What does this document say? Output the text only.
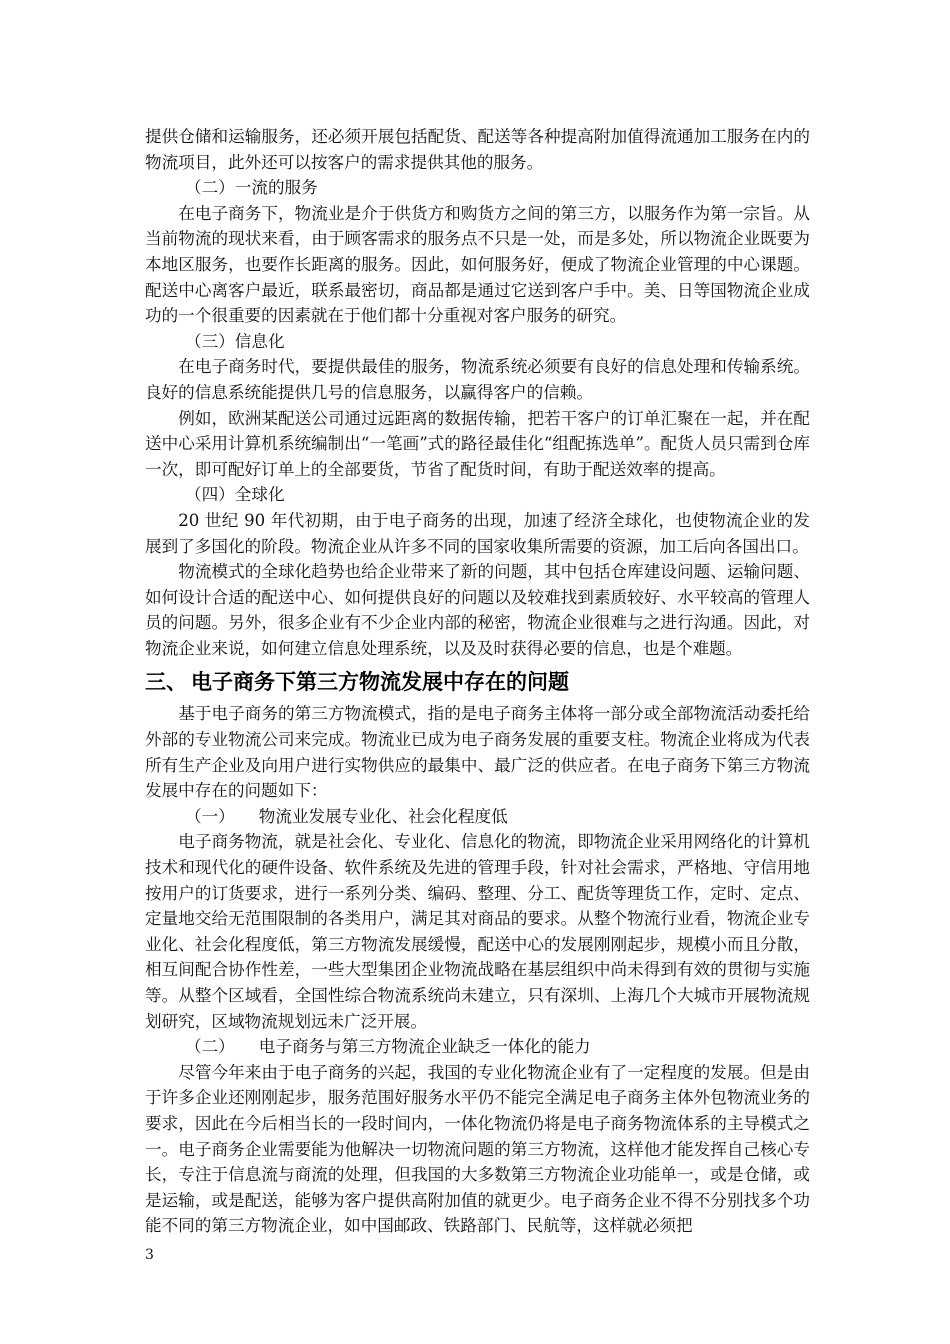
提供仓储和运输服务，还必须开展包括配货、配送等各种提高附加值得流通加工服务在内的物流项目，此外还可以按客户的需求提供其他的服务。

（二）一流的服务

在电子商务下，物流业是介于供货方和购货方之间的第三方，以服务作为第一宗旨。从当前物流的现状来看，由于顾客需求的服务点不只是一处，而是多处，所以物流企业既要为本地区服务，也要作长距离的服务。因此，如何服务好，便成了物流企业管理的中心课题。配送中心离客户最近，联系最密切，商品都是通过它送到客户手中。美、日等国物流企业成功的一个很重要的因素就在于他们都十分重视对客户服务的研究。

（三）信息化

在电子商务时代，要提供最佳的服务，物流系统必须要有良好的信息处理和传输系统。良好的信息系统能提供几号的信息服务，以赢得客户的信赖。

例如，欧洲某配送公司通过远距离的数据传输，把若干客户的订单汇聚在一起，并在配送中心采用计算机系统编制出“一笔画”式的路径最佳化“组配拣选单”。配货人员只需到仓库一次，即可配好订单上的全部要货，节省了配货时间，有助于配送效率的提高。

（四）全球化

20 世纪 90 年代初期，由于电子商务的出现，加速了经济全球化，也使物流企业的发展到了多国化的阶段。物流企业从许多不同的国家收集所需要的资源，加工后向各国出口。

物流模式的全球化趋势也给企业带来了新的问题，其中包括仓库建设问题、运输问题、如何设计合适的配送中心、如何提供良好的问题以及较难找到素质较好、水平较高的管理人员的问题。另外，很多企业有不少企业内部的秘密，物流企业很难与之进行沟通。因此，对物流企业来说，如何建立信息处理系统，以及及时获得必要的信息，也是个难题。

三、 电子商务下第三方物流发展中存在的问题

基于电子商务的第三方物流模式，指的是电子商务主体将一部分或全部物流活动委托给外部的专业物流公司来完成。物流业已成为电子商务发展的重要支柱。物流企业将成为代表所有生产企业及向用户进行实物供应的最集中、最广泛的供应者。在电子商务下第三方物流发展中存在的问题如下：

（一） 物流业发展专业化、社会化程度低

电子商务物流，就是社会化、专业化、信息化的物流，即物流企业采用网络化的计算机技术和现代化的硬件设备、软件系统及先进的管理手段，针对社会需求，严格地、守信用地按用户的订货要求，进行一系列分类、编码、整理、分工、配货等理货工作，定时、定点、定量地交给无范围限制的各类用户，满足其对商品的要求。从整个物流行业看，物流企业专业化、社会化程度低，第三方物流发展缓慢，配送中心的发展刚刚起步，规模小而且分散，相互间配合协作性差，一些大型集团企业物流战略在基层组织中尚未得到有效的贯彻与实施等。从整个区域看，全国性综合物流系统尚未建立，只有深圳、上海几个大城市开展物流规划研究，区域物流规划远未广泛开展。

（二） 电子商务与第三方物流企业缺乏一体化的能力

尽管今年来由于电子商务的兴起，我国的专业化物流企业有了一定程度的发展。但是由于许多企业还刚刚起步，服务范围好服务水平仍不能完全满足电子商务主体外包物流业务的要求，因此在今后相当长的一段时间内，一体化物流仍将是电子商务物流体系的主导模式之一。电子商务企业需要能为他解决一切物流问题的第三方物流，这样他才能发挥自己核心专长，专注于信息流与商流的处理，但我国的大多数第三方物流企业功能单一，或是仓储，或是运输，或是配送，能够为客户提供高附加值的就更少。电子商务企业不得不分别找多个功能不同的第三方物流企业，如中国邮政、铁路部门、民航等，这样就必须把

3
